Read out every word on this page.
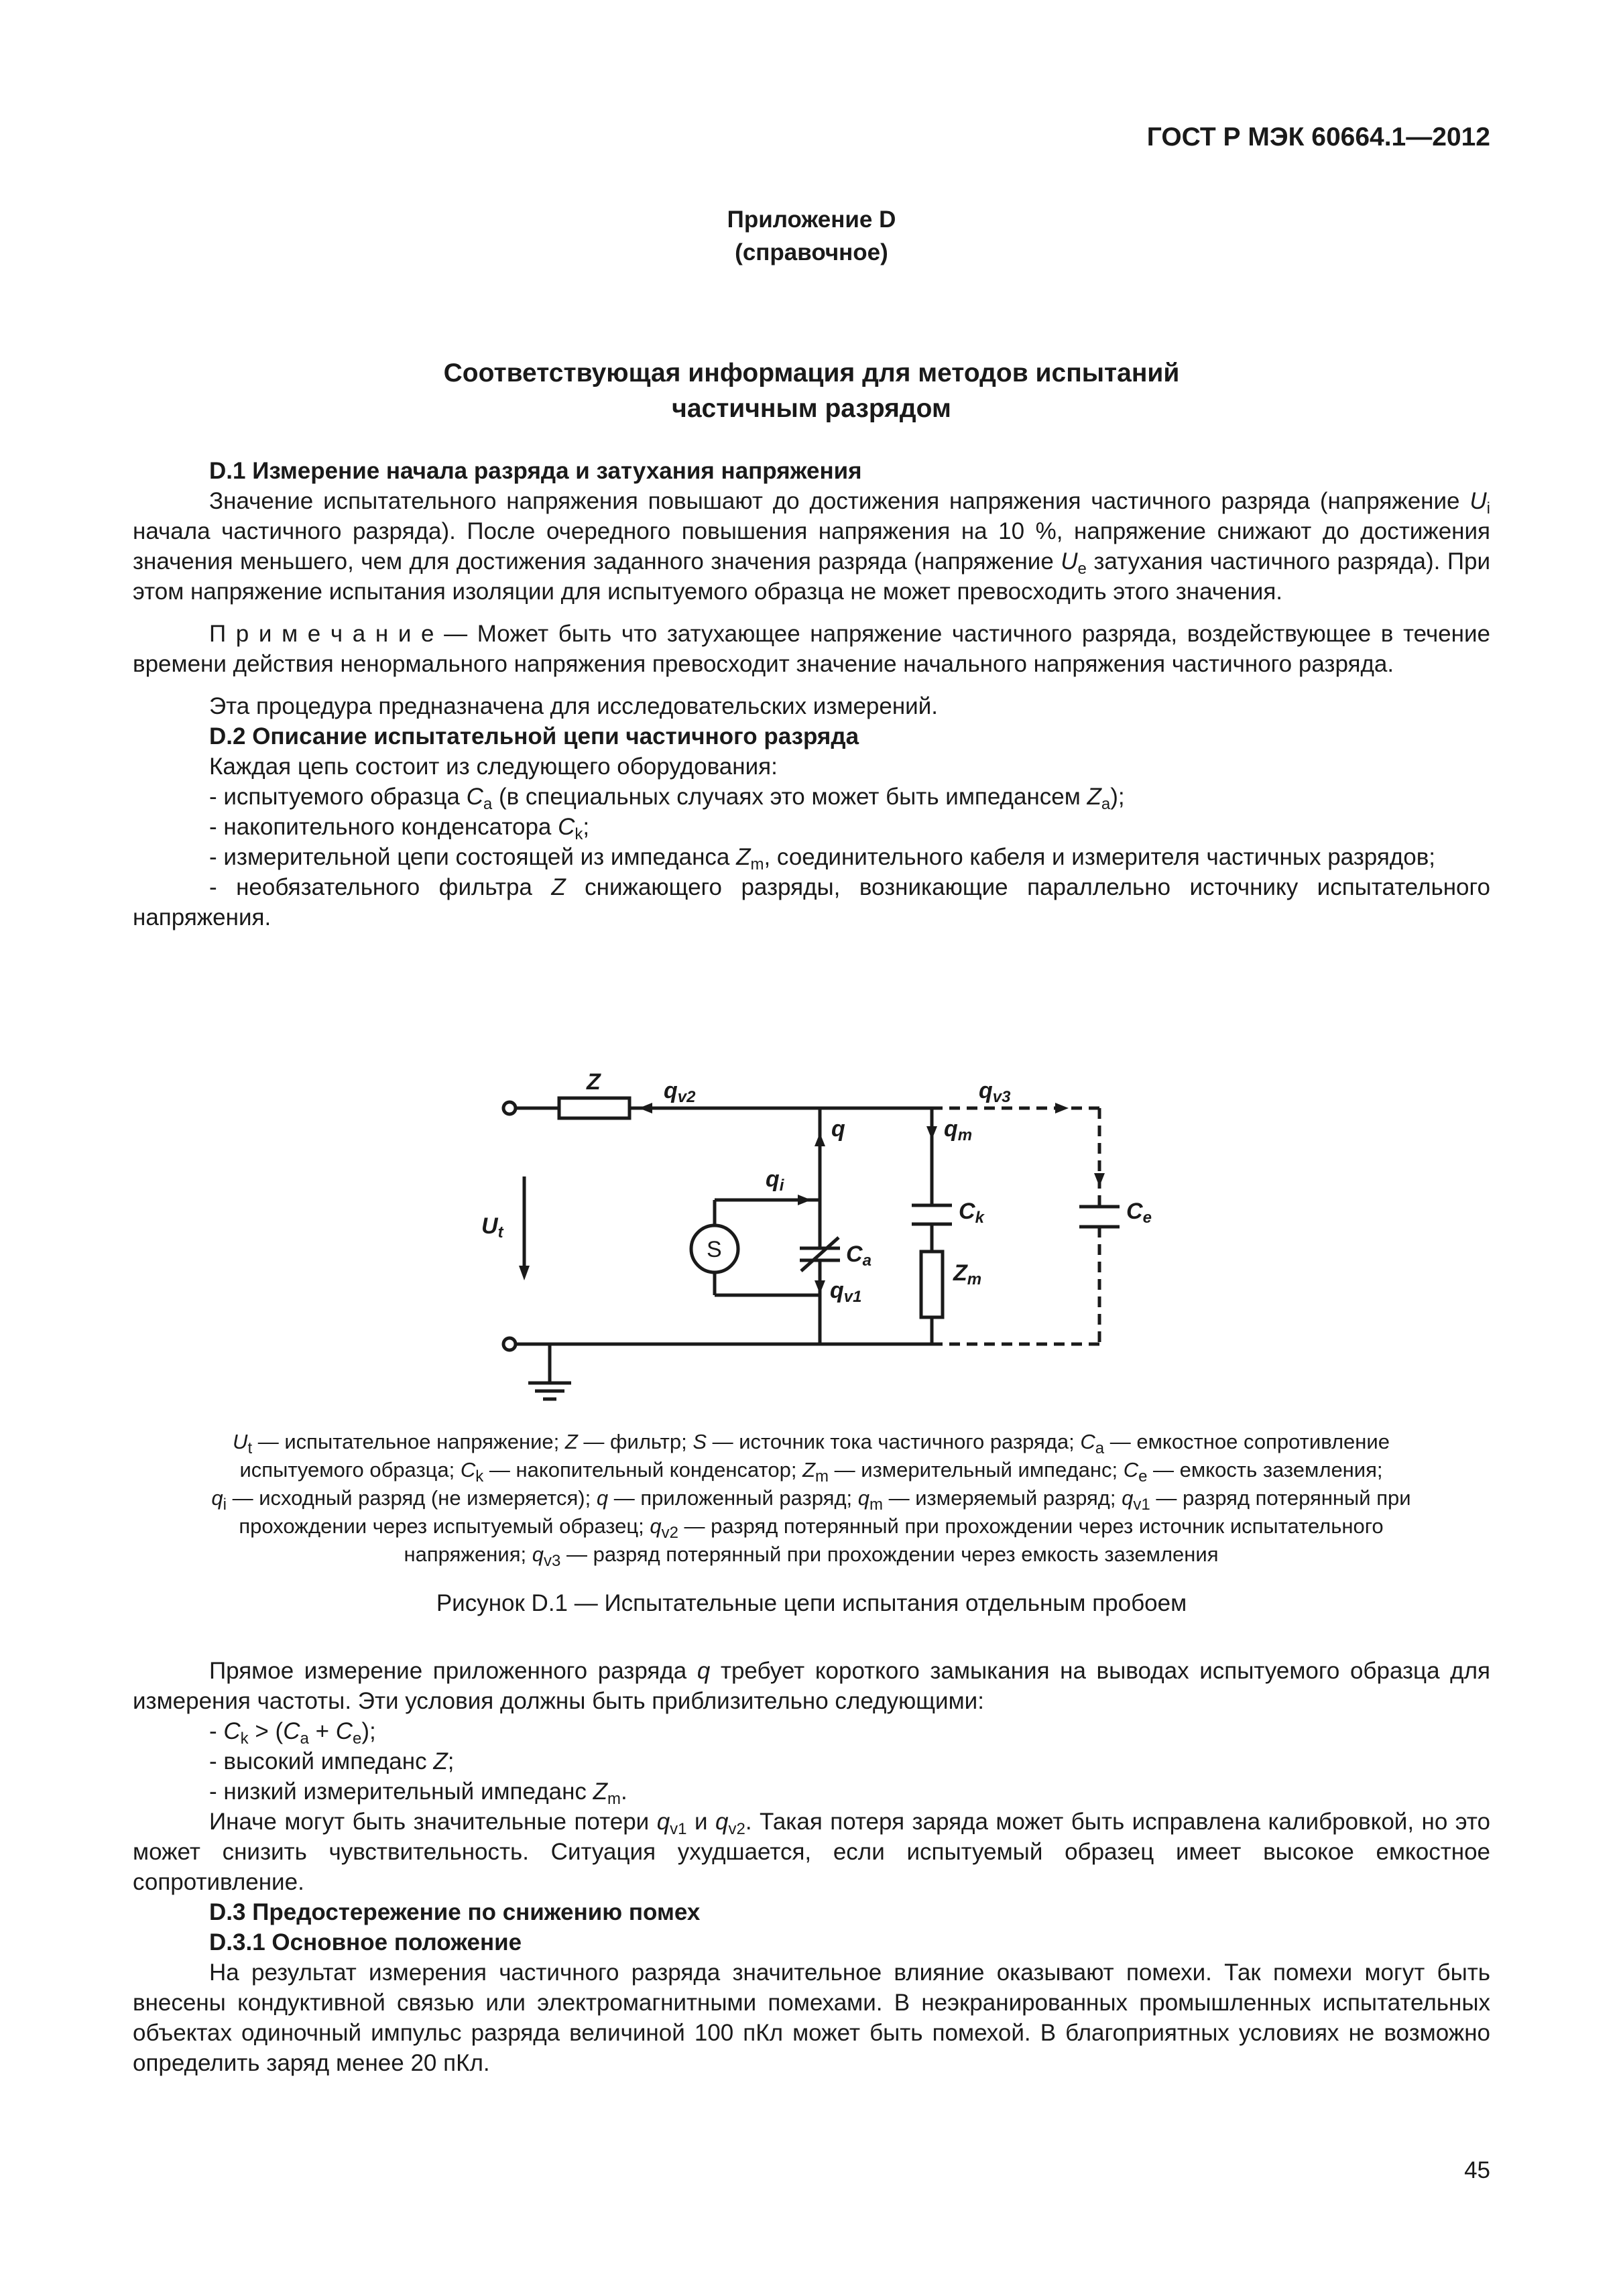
ГОСТ Р МЭК 60664.1—2012
Приложение D
(справочное)
Соответствующая информация для методов испытаний
частичным разрядом

D.1 Измерение начала разряда и затухания напряжения

Значение испытательного напряжения повышают до достижения напряжения частичного разряда (напряжение $U_i$ начала частичного разряда). После очередного повышения напряжения на 10 %, напряжение снижают до достижения значения меньшего, чем для достижения заданного значения разряда (напряжение $U_e$ затухания частичного разряда). При этом напряжение испытания изоляции для испытуемого образца не может превосходить этого значения.

П р и м е ч а н и е — Может быть что затухающее напряжение частичного разряда, воздействующее в течение времени действия ненормального напряжения превосходит значение начального напряжения частичного разряда.

Эта процедура предназначена для исследовательских измерений.

D.2 Описание испытательной цепи частичного разряда

Каждая цепь состоит из следующего оборудования:

- испытуемого образца $C_a$ (в специальных случаях это может быть импедансем $Z_a$);

- накопительного конденсатора $C_k$;

- измерительной цепи состоящей из импеданса $Z_m$, соединительного кабеля и измерителя частичных разрядов;

- необязательного фильтра Z снижающего разряды, возникающие параллельно источнику испытательного напряжения.

Z	qv2	qv3
q	qm
qi
Ck	Ce
Ut
Ca	Zm
qv1
S

$U_t$ — испытательное напряжение; Z — фильтр; S — источник тока частичного разряда; $C_a$ — емкостное сопротивление

испытуемого образца; $C_k$ — накопительный конденсатор; $Z_m$ — измерительный импеданс; $C_e$ — емкость заземления;

$q_i$ — исходный разряд (не измеряется); q — приложенный разряд; $q_m$ — измеряемый разряд; $q_{v1}$ — разряд потерянный при

прохождении через испытуемый образец; $q_{v2}$ — разряд потерянный при прохождении через источник испытательного

напряжения; $q_{v3}$ — разряд потерянный при прохождении через емкость заземления

Рисунок D.1 — Испытательные цепи испытания отдельным пробоем

Прямое измерение приложенного разряда q требует короткого замыкания на выводах испытуемого образца для измерения частоты. Эти условия должны быть приблизительно следующими:

- $C_k > (C_a + C_e)$;

- высокий импеданс Z;

- низкий измерительный импеданс $Z_m$.

Иначе могут быть значительные потери $q_{v1}$ и $q_{v2}$. Такая потеря заряда может быть исправлена калибровкой, но это может снизить чувствительность. Ситуация ухудшается, если испытуемый образец имеет высокое емкостное сопротивление.

D.3 Предостережение по снижению помех

D.3.1 Основное положение

На результат измерения частичного разряда значительное влияние оказывают помехи. Так помехи могут быть внесены кондуктивной связью или электромагнитными помехами. В неэкранированных промышленных испытательных объектах одиночный импульс разряда величиной 100 пКл может быть помехой. В благоприятных условиях не возможно определить заряд менее 20 пКл.

45
